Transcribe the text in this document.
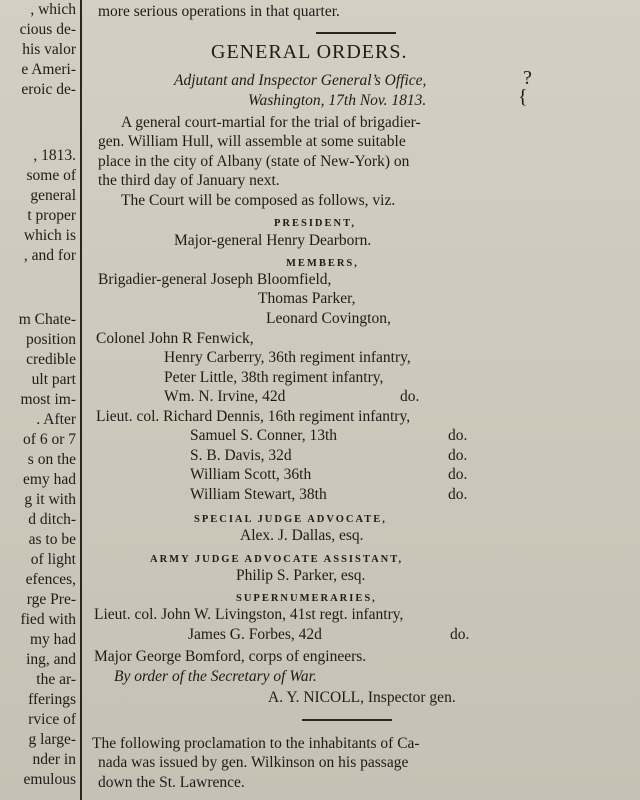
, which
cious de-
his valor
e Ameri-
eroic de-
, 1813.
some of
general
t proper
which is
, and for
m Chate-
position
credible
ult part
most im-
. After
of 6 or 7
s on the
emy had
g it with
d ditch-
as to be
of light
efences,
rge Pre-
fied with
my had
ing, and
the ar-
fferings
rvice of
g large-
nder in
emulous
more serious operations in that quarter.
GENERAL ORDERS.
Adjutant and Inspector General’s Office,
Washington, 17th Nov. 1813.
?
{
A general court-martial for the trial of brigadier-
gen. William Hull, will assemble at some suitable
place in the city of Albany (state of New-York) on
the third day of January next.
The Court will be composed as follows, viz.
PRESIDENT,
Major-general Henry Dearborn.
MEMBERS,
Brigadier-general Joseph Bloomfield,
Thomas Parker,
Leonard Covington,
Colonel John R Fenwick,
Henry Carberry, 36th regiment infantry,
Peter Little, 38th regiment infantry,
Wm. N. Irvine, 42d	do.
Lieut. col. Richard Dennis, 16th regiment infantry,
Samuel S. Conner, 13th	do.
S. B. Davis, 32d	do.
William Scott, 36th	do.
William Stewart, 38th	do.
SPECIAL JUDGE ADVOCATE,
Alex. J. Dallas, esq.
ARMY JUDGE ADVOCATE ASSISTANT,
Philip S. Parker, esq.
SUPERNUMERARIES,
Lieut. col. John W. Livingston, 41st regt. infantry,
James G. Forbes, 42d	do.
Major George Bomford, corps of engineers.
By order of the Secretary of War.
A. Y. NICOLL, Inspector gen.
The following proclamation to the inhabitants of Ca-
nada was issued by gen. Wilkinson on his passage
down the St. Lawrence.
